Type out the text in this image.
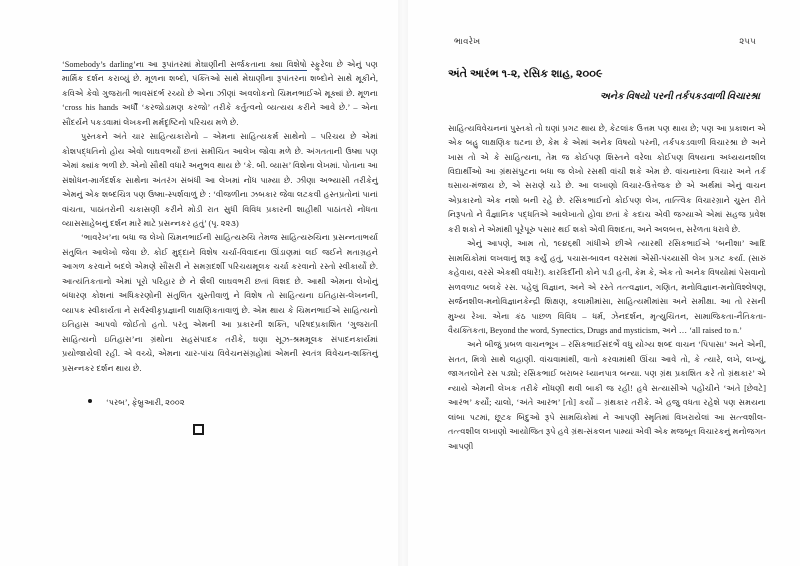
‘Somebody’s darling’ના આ રૂપાંતરમાં મેઘાણીની સર્જકતાના ક્યા વિશેષો સ્ફુરેલા છે એનું પણ માર્મિક દર્શન કરાવ્યું છે. મૂળના શબ્દો, પંક્તિઓ સાથે મેઘાણીના રૂપાંતરના શબ્દોને સાથે મૂકીને, કવિએ કેવો ગુજરાતી ભાવસંદર્ભ રચ્યો છે એના ઝીણાં અવલોકનો ચિમનભાઈએ મૂક્યાં છે. મૂળના ‘cross his hands અર્ધીં ‘કરજોડામણ કરજો’ તરીકે કર્તુત્વનો વ્યત્યય કરીને આવે છે.’ – એના સૌંદર્યને પકડવામાં લેખકની મર્મદૃષ્ટિનો પરિચય મળે છે.

પુસ્તકને અંતે ચાર સાહિત્યકારોનો – એમના સાહિત્યકર્મ સાથેનો – પરિચય છે એમાં કોશપદ્ધતિનો હોય એવો લાઘવભર્યો છતાં સમીચિત આલેખ જોવા મળે છે. અંગતતાની ઉષ્મા પણ એમાં ક્યાંક ભળી છે. એનો સૌથી વધારે અનુભવ થાય છે ‘કે. બી. વ્યાસ’ વિશેના લેખમાં. પોતાના આ સંશોધન-માર્ગદર્શક સાથેના અંતરંગ સંબંધી આ લેખમાં નોંધ પામ્યા છે. ઝીણા અભ્યાસી તરીકેનું એમનું એક શબ્દચિત્ર પણ ઉષ્મા-સ્પર્શવાળું છે : ‘વીજળીના ઝબકાર જેવા લટકવી હસ્તપ્રતોનાં પાનાં વાંચતા, પાઠાંતરોની ચકાસણી કરીને મોડી રાત સુધી વિવિધ પ્રકારની શાહીથી પાઠાંતરો નોંધતા વ્યાસસાહેબનું દર્શન મારે માટે પ્રસન્નકર હતું’ (પૃ. ૨૨૩)

‘ભાવરેખ’ના બધા જ લેખો ચિમનભાઈની સાહિત્યરુચિ તેમજ સાહિત્યરુચિના પ્રસન્નતાભર્યા સંતુલિત આલેખો જેવા છે. કોઈ મુદ્દાને વિશેષ ચર્ચા-વિવાદના ઊંડાણમાં લઈ જઈને મતાગ્રહને આગળ કરવાને બદલે એમણે સૌંસરી ને સમગ્રદર્શી પરિચયમૂલક ચર્ચા કરવાનો રસ્તો સ્વીકાર્યો છે. આત્યંતિકતાનો એમાં પૂરો પરિહાર છે ને શૈલી લાઘવભરી છતાં વિશદ છે. આથી એમના લેખોનું બંધારણ કોશનાં અધિકરણોની સંતુલિત ચુસ્તીવાળું ને વિશેષ તો સાહિત્યના ઇતિહાસ-લેખનની, વ્યાપક સ્વીકાર્યતા ને સર્વસ્વીકૃપ્રજ્ઞાની લાક્ષણિકતાવાળું છે. એમ થાય કે ચિમનભાઈએ સાહિત્યનો ઇતિહાસ આપવો જોઈતો હતો. પરંતુ એમની આ પ્રકારની શક્તિ, પરિષદપ્રકાશિત ‘ગુજરાતી સાહિત્યનો ઇતિહાસ’ના ગ્રંથોના સહસંપાદક તરીકે, ઘણા સૂઝ-શ્રમમૂલક સંપાદનકાર્યમાં પ્રયોજાયેલી રહી. એ વચ્ચે, એમના ચાર-પાંચ વિવેચનસંગ્રહોમાં એમની સ્વતંત્ર વિવેચન-શક્તિનું પ્રસન્નકર દર્શન થાય છે.

‘પરબ’, ફેબ્રુઆરી, ૨૦૦૨
ભાવરેખ	૨૫૫
અંતે આરંભ ૧-૨, રસિક શાહ, ૨૦૦૯
અનેક વિષયો પરની તર્કપકડવાળી વિચારશ્રા

સાહિત્યવિવેચનનાં પુસ્તકો તો ઘણાં પ્રગટ થાય છે, કેટલાંક ઉત્તમ પણ થાય છે; પણ આ પ્રકાશન એ એક બહુ લાક્ષણિક ઘટના છે, કેમ કે એમાં અનેક વિષયો પરની, તર્કપકડવાળી વિચારશ્રા છે અને ખાસ તો એ કે સાહિત્યના, તેમ જ કોઈપણ શિસ્તને વરેલા કોઈપણ વિષયના અધ્યયનશીલ વિદ્યાર્થીઓ આ ગ્રંથસંપુટના બધા જ લેખો રસથી વાંચી શકે એમ છે. વાંચનારના વિચાર અને તર્ક ઘસાય-મંજાય છે, એ સરાણે ચડે છે. આ લખાણો વિચાર-ઉત્તેજક છે એ અર્થમાં એનું વાચન એપ્રકારનો એક નશો બની રહે છે. રસિકભાઈનો કોઈપણ લેખ, તાત્ત્વિક વિચારગ્રાને ચુસ્ત રીતે નિરૂપતો ને વૈજ્ઞાનિક પદ્ધતિએ આલેખાતો હોવા છતાં કે કદાચ એવી જગ્યાએ એમાં સહજ પ્રવેશ કરી શકો ને એમાંથી પૂરેપૂરુ પસાર થઈ શકો એવી વિશદતા, અને અલબત્ત, સરેળતા ધરાવે છે.

એનું આપણે, આમ તો, ૧૯૪૬થી ગાંધીએ છીએ ત્યારથી રસિકભાઈએ ‘બનીશા’ આદિ સામયિકોમાં લખવાનું શરૂ કર્યું હતું, પચાસ-બાવન વરસમાં એંસી-પંચ્યાસી લેખ પ્રગટ કર્યા. (સારું કહેવાય, વરસે એકથી વધારે!). કારકિર્દીની કોને પડી હતી, કેમ કે, એક તો અનેક વિષયોમાં પેસવાનો સળવળાટ બલકે રસ. પહેલું વિજ્ઞાન, અને એ રસ્તે તત્ત્વજ્ઞાન, ગણિત, મનોવિજ્ઞાન-મનોવિશ્લેષણ, સર્જનશીલ-મનોવિજ્ઞાનકેન્દ્રી શિક્ષણ, કલામીમાંસા, સાહિત્યમીમાંસા અને સમીક્ષા. આ તો રસની મુખ્ય રેખા. એના કંઠ પાછળ વિવિધ – ધર્મ, ઝેનદર્શન, મૃત્યુચિંતન, સામાજિકતા-નૈતિકતા-વૈયક્તિકતા, Beyond the word, Synectics, Drugs and mysticism, અને … ‘all raised to n.’

અને બીજું પ્રબળ વાચનભૂખ – રસિકભાઈસંદર્ભે વધુ યોગ્ય શબ્દ વાચન ‘પિપાસા’ અને એની, સતત, મિત્રો સાથે લહાણી. વાંચવામાંથી, વાતો કરવામાંથી ઊંચા આવે તો, કે ત્યારે, લખે, લખ્યું, જાગતલોને રસ પડ્યો; રસિકભાઈ બરાબર ધ્યાનપાત્ર બન્યા. પણ ગ્રંથ પ્રકાશિત કરે તો ગ્રંથકાર’ એ ન્યાયે એમની લેખક તરીકે નોંધણી થવી બાકી જ રહી! હવે સત્યાસીએ પહોંચીને ‘અંતે [છેવટે] આરંભ’ કર્યો; ચાલો, ‘અંતે આરંભ’ [તો] કર્યો – ગ્રંથકાર તરીકે. એ હજુ વધતા રહેશે પણ સમયના લાંબા પટમાં, છૂટક બિંદુઓ રૂપે સામયિકોમાં ને આપણી સ્મૃતિમાં વિખરાયેલાં આ સત્ત્વશીલ-તત્ત્વશીલ લખાણો આયોજિત રૂપે હવે ગ્રંથ-સંકલન પામ્યાં એવી એક મજબૂત વિચારકનું મનોજગત આપણી
